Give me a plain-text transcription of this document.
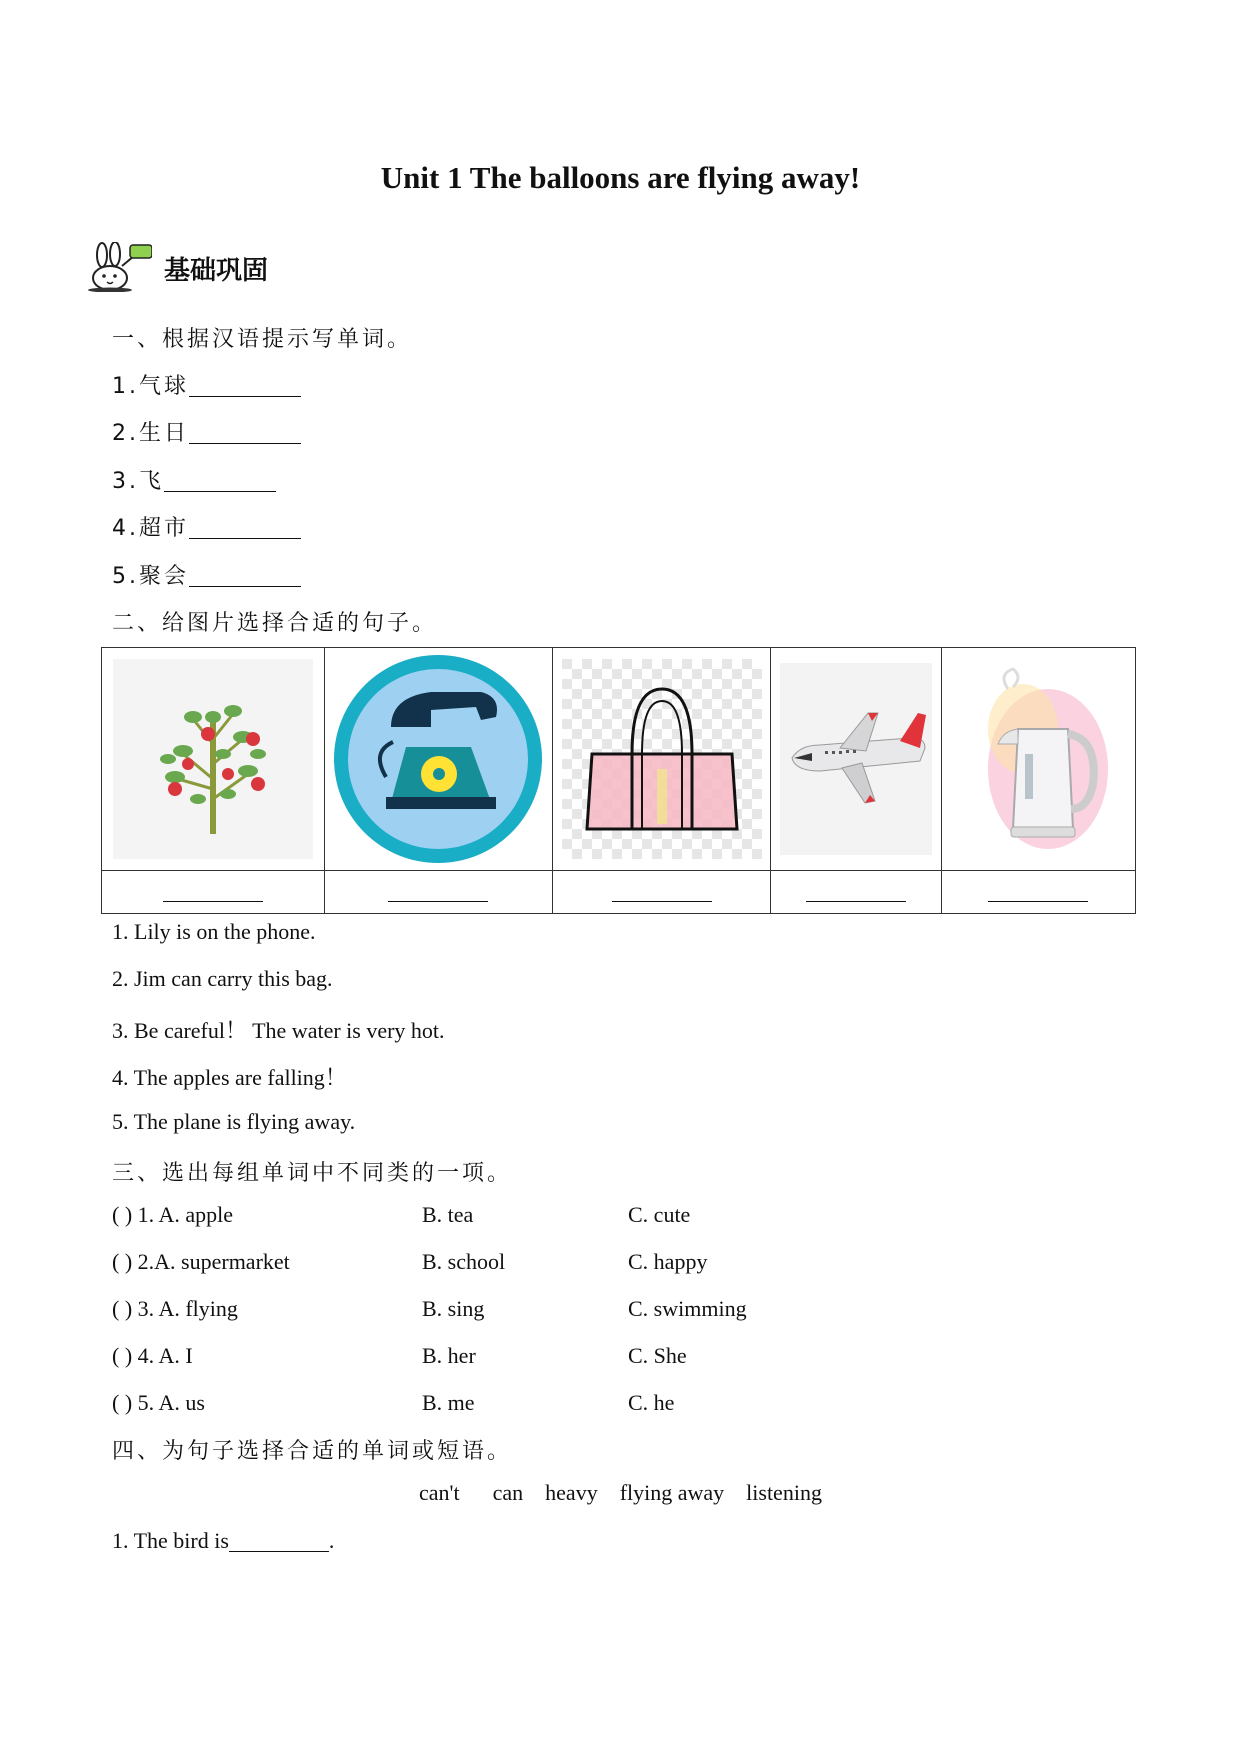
Unit 1 The balloons are flying away!
基础巩固
一、根据汉语提示写单词。
1.气球
2.生日
3.飞
4.超市
5.聚会
二、给图片选择合适的句子。

1. Lily is on the phone.
2. Jim can carry this bag.
3. Be careful！ The water is very hot.
4. The apples are falling！
5. The plane is flying away.
三、选出每组单词中不同类的一项。
( ) 1. A. apple	B. tea	C. cute
( ) 2.A. supermarket	B. school	C. happy
( ) 3. A. flying	B. sing	C. swimming
( ) 4. A. I	B. her	C. She
( ) 5. A. us	B. me	C. he
四、为句子选择合适的单词或短语。
can't      can    heavy    flying away    listening
1. The bird is	.
